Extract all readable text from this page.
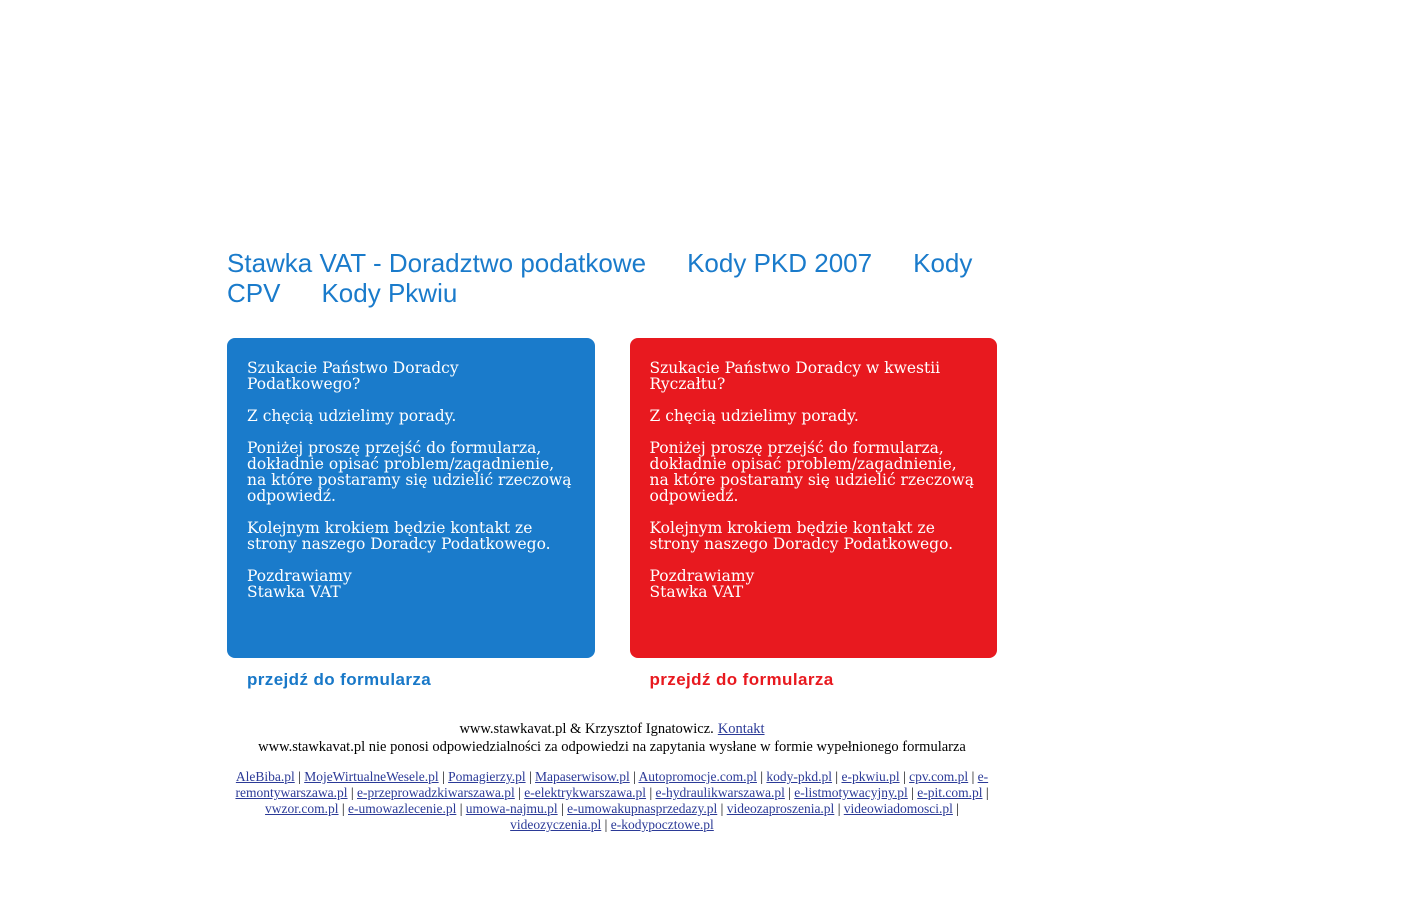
Stawka VAT - Doradztwo podatkowe Kody PKD 2007 Kody CPV Kody Pkwiu

Szukacie Państwo Doradcy Podatkowego?

Z chęcią udzielimy porady.

Poniżej proszę przejść do formularza, dokładnie opisać problem/zagadnienie, na które postaramy się udzielić rzeczową odpowiedź.

Kolejnym krokiem będzie kontakt ze strony naszego Doradcy Podatkowego.

Pozdrawiamy
Stawka VAT

Szukacie Państwo Doradcy w kwestii Ryczałtu?

Z chęcią udzielimy porady.

Poniżej proszę przejść do formularza, dokładnie opisać problem/zagadnienie, na które postaramy się udzielić rzeczową odpowiedź.

Kolejnym krokiem będzie kontakt ze strony naszego Doradcy Podatkowego.

Pozdrawiamy
Stawka VAT

przejdź do formularza	przejdź do formularza
www.stawkavat.pl & Krzysztof Ignatowicz. Kontakt
www.stawkavat.pl nie ponosi odpowiedzialności za odpowiedzi na zapytania wysłane w formie wypełnionego formularza
AleBiba.pl | MojeWirtualneWesele.pl | Pomagierzy.pl | Mapaserwisow.pl | Autopromocje.com.pl | kody-pkd.pl | e-pkwiu.pl | cpv.com.pl | e-remontywarszawa.pl | e-przeprowadzkiwarszawa.pl | e-elektrykwarszawa.pl | e-hydraulikwarszawa.pl | e-listmotywacyjny.pl | e-pit.com.pl | vwzor.com.pl | e-umowazlecenie.pl | umowa-najmu.pl | e-umowakupnasprzedazy.pl | videozaproszenia.pl | videowiadomosci.pl | videozyczenia.pl | e-kodypocztowe.pl
